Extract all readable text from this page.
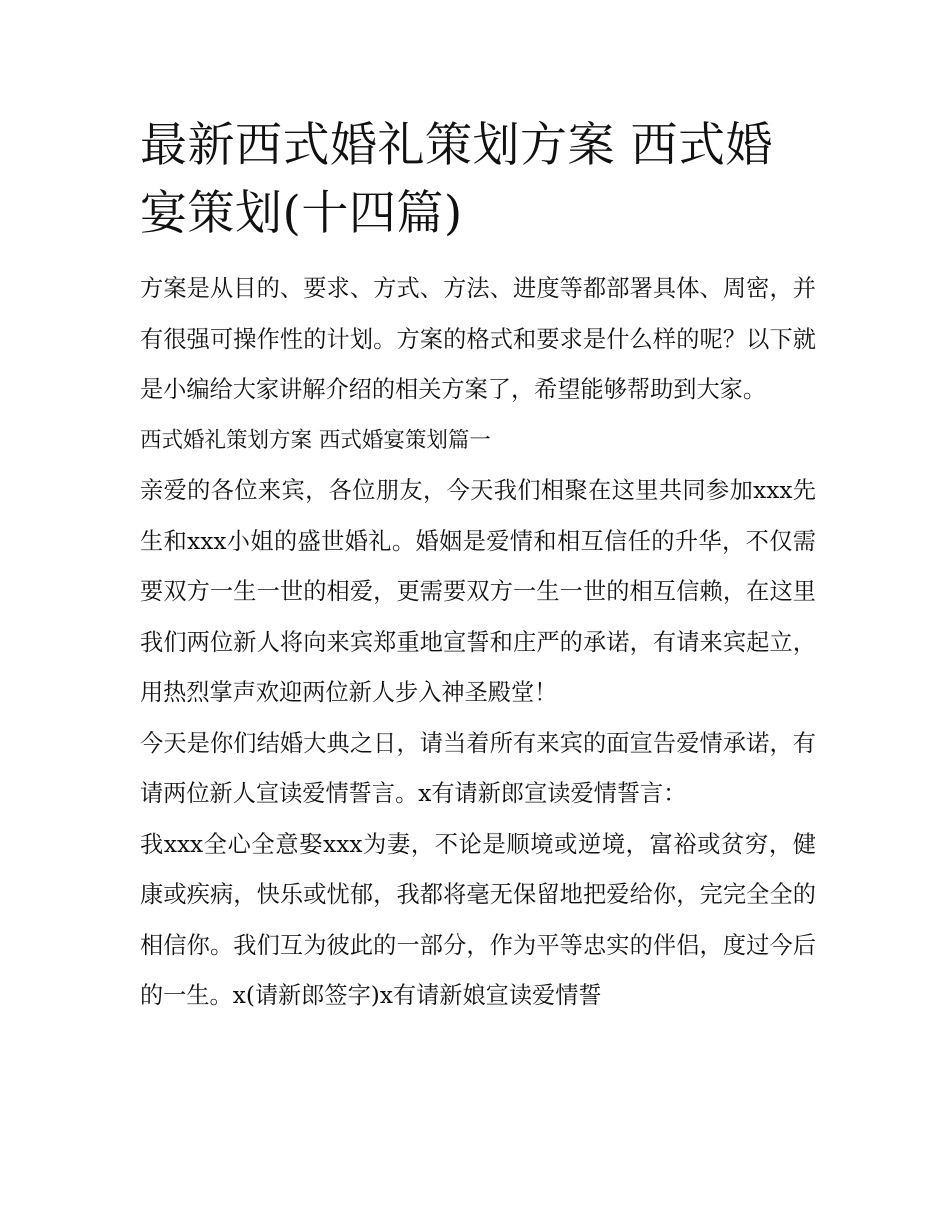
最新西式婚礼策划方案 西式婚宴策划(十四篇)

方案是从目的、要求、方式、方法、进度等都部署具体、周密，并有很强可操作性的计划。方案的格式和要求是什么样的呢？以下就是小编给大家讲解介绍的相关方案了，希望能够帮助到大家。

西式婚礼策划方案 西式婚宴策划篇一

亲爱的各位来宾，各位朋友，今天我们相聚在这里共同参加xxx先生和xxx小姐的盛世婚礼。婚姻是爱情和相互信任的升华，不仅需要双方一生一世的相爱，更需要双方一生一世的相互信赖，在这里我们两位新人将向来宾郑重地宣誓和庄严的承诺，有请来宾起立，用热烈掌声欢迎两位新人步入神圣殿堂！

今天是你们结婚大典之日，请当着所有来宾的面宣告爱情承诺，有请两位新人宣读爱情誓言。x有请新郎宣读爱情誓言：

我xxx全心全意娶xxx为妻，不论是顺境或逆境，富裕或贫穷，健康或疾病，快乐或忧郁，我都将毫无保留地把爱给你，完完全全的相信你。我们互为彼此的一部分，作为平等忠实的伴侣，度过今后的一生。x(请新郎签字)x有请新娘宣读爱情誓
